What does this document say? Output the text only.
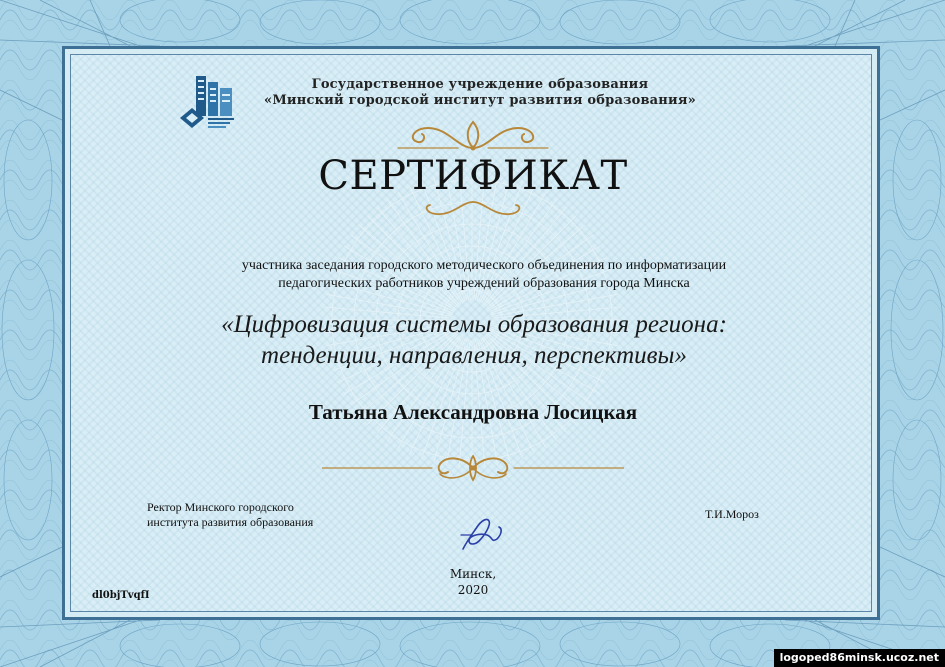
Государственное учреждение образования
«Минский городской институт развития образования»
СЕРТИФИКАТ
участника заседания городского методического объединения по информатизации
педагогических работников учреждений образования города Минска
«Цифровизация системы образования региона:
тенденции, направления, перспективы»
Татьяна Александровна Лосицкая
Ректор Минского городского
института развития образования
Т.И.Мороз
Минск,
2020
dl0bjTvqfI
logoped86minsk.ucoz.net
